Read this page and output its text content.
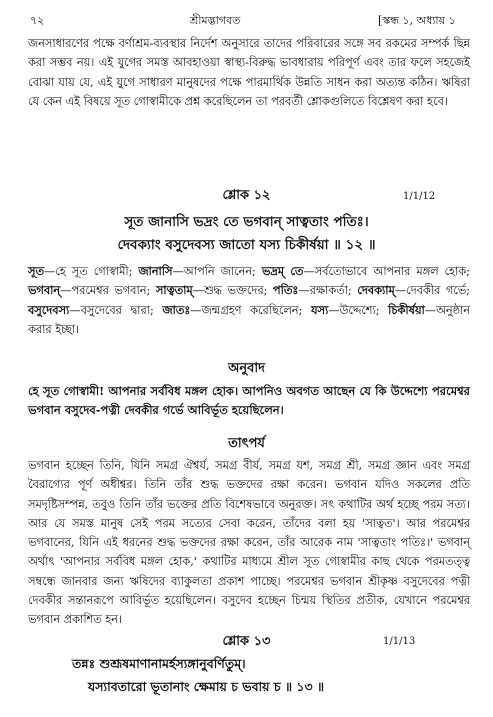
৭২	শ্রীমদ্ভাগবত	[স্কন্ধ ১, অধ্যায় ১

জনসাধারণের পক্ষে বর্ণাশ্রম-ব্যবস্থার নির্দেশ অনুসারে তাদের পরিবারের সঙ্গে সব রকমের সম্পর্ক ছিন্ন করা সম্ভব নয়। এই যুগের সমস্ত আবহাওয়া স্বাস্থ্য-বিরুদ্ধ ভাবধারায় পরিপূর্ণ এবং তার ফলে সহজেই বোঝা যায় যে, এই যুগে সাধারণ মানুষদের পক্ষে পারমার্থিক উন্নতি সাধন করা অত্যন্ত কঠিন। ঋষিরা যে কেন এই বিষয়ে সূত গোস্বামীকে প্রশ্ন করেছিলেন তা পরবর্তী শ্লোকগুলিতে বিশ্লেষণ করা হবে।

শ্লোক ১২	1/1/12
সূত জানাসি ভদ্রং তে ভগবান্ সাত্বতাং পতিঃ।
দেবক্যাং বসুদেবস্য জাতো যস্য চিকীর্ষয়া ॥ ১২ ॥

সূত—হে সূত গোস্বামী; জানাসি—আপনি জানেন; ভদ্রম্ তে—সর্বতোভাবে আপনার মঙ্গল হোক; ভগবান্—পরমেশ্বর ভগবান; সাত্বতাম্—শুদ্ধ ভক্তদের; পতিঃ—রক্ষাকর্তা; দেবক্যাম্—দেবকীর গর্ভে; বসুদেবস্য—বসুদেবের দ্বারা; জাতঃ—জন্মগ্রহণ করেছিলেন; যস্য—উদ্দেশ্যে; চিকীর্ষয়া—অনুষ্ঠান করার ইচ্ছা।

অনুবাদ

হে সূত গোস্বামী! আপনার সর্ববিধ মঙ্গল হোক। আপনিও অবগত আছেন যে কি উদ্দেশ্যে পরমেশ্বর ভগবান বসুদেব-পত্নী দেবকীর গর্ভে আবির্ভূত হয়েছিলেন।

তাৎপর্য

ভগবান হচ্ছেন তিনি, যিনি সমগ্র ঐশ্বর্য, সমগ্র বীর্য, সমগ্র যশ, সমগ্র শ্রী, সমগ্র জ্ঞান এবং সমগ্র বৈরাগ্যের পূর্ণ অধীশ্বর। তিনি তাঁর শুদ্ধ ভক্তদের রক্ষা করেন। ভগবান যদিও সকলের প্রতি সমদৃষ্টিসম্পন্ন, তবুও তিনি তাঁর ভক্তের প্রতি বিশেষভাবে অনুরক্ত। সৎ কথাটির অর্থ হচ্ছে পরম সত্য। আর যে সমস্ত মানুষ সেই পরম সত্যের সেবা করেন, তাঁদের বলা হয় 'সাত্বত'। আর পরমেশ্বর ভগবানের, যিনি এই ধরনের শুদ্ধ ভক্তদের রক্ষা করেন, তাঁর আরেক নাম 'সাত্বতাং পতিঃ।' ভগবান্ অর্থাৎ 'আপনার সর্ববিধ মঙ্গল হোক,' কথাটির মাধ্যমে শ্রীল সূত গোস্বামীর কাছ থেকে পরমতত্ত্ব সম্বন্ধে জানবার জন্য ঋষিদের ব্যাকুলতা প্রকাশ পাচ্ছে। পরমেশ্বর ভগবান শ্রীকৃষ্ণ বসুদেবের পত্নী দেবকীর সন্তানরূপে আবির্ভূত হয়েছিলেন। বসুদেব হচ্ছেন চিন্ময় স্থিতির প্রতীক, যেখানে পরমেশ্বর ভগবান প্রকাশিত হন।

শ্লোক ১৩	1/1/13
তন্নঃ শুশ্রূষমাণানামর্হস্যঙ্গানুবর্ণিতুম্।
যস্যাবতারো ভূতানাং ক্ষেমায় চ ভবায় চ ॥ ১৩ ॥
